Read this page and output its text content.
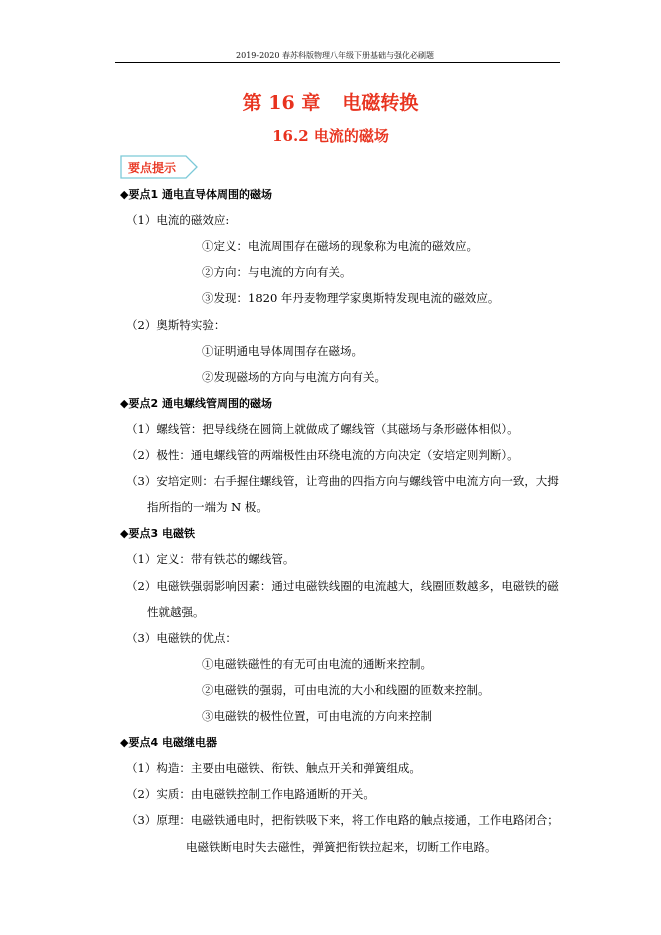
2019-2020 春苏科版物理八年级下册基础与强化必刷题
第 16 章 电磁转换
16.2 电流的磁场
要点提示
◆要点1 通电直导体周围的磁场
（1）电流的磁效应:
①定义：电流周围存在磁场的现象称为电流的磁效应。
②方向：与电流的方向有关。
③发现：1820 年丹麦物理学家奥斯特发现电流的磁效应。
（2）奥斯特实验：
①证明通电导体周围存在磁场。
②发现磁场的方向与电流方向有关。
◆要点2 通电螺线管周围的磁场
（1）螺线管：把导线绕在圆筒上就做成了螺线管（其磁场与条形磁体相似）。
（2）极性：通电螺线管的两端极性由环绕电流的方向决定（安培定则判断）。
（3）安培定则：右手握住螺线管，让弯曲的四指方向与螺线管中电流方向一致，大拇
指所指的一端为 N 极。
◆要点3 电磁铁
（1）定义：带有铁芯的螺线管。
（2）电磁铁强弱影响因素：通过电磁铁线圈的电流越大，线圈匝数越多，电磁铁的磁
性就越强。
（3）电磁铁的优点：
①电磁铁磁性的有无可由电流的通断来控制。
②电磁铁的强弱，可由电流的大小和线圈的匝数来控制。
③电磁铁的极性位置，可由电流的方向来控制
◆要点4 电磁继电器
（1）构造：主要由电磁铁、衔铁、触点开关和弹簧组成。
（2）实质：由电磁铁控制工作电路通断的开关。
（3）原理：电磁铁通电时，把衔铁吸下来，将工作电路的触点接通，工作电路闭合；
电磁铁断电时失去磁性，弹簧把衔铁拉起来，切断工作电路。
